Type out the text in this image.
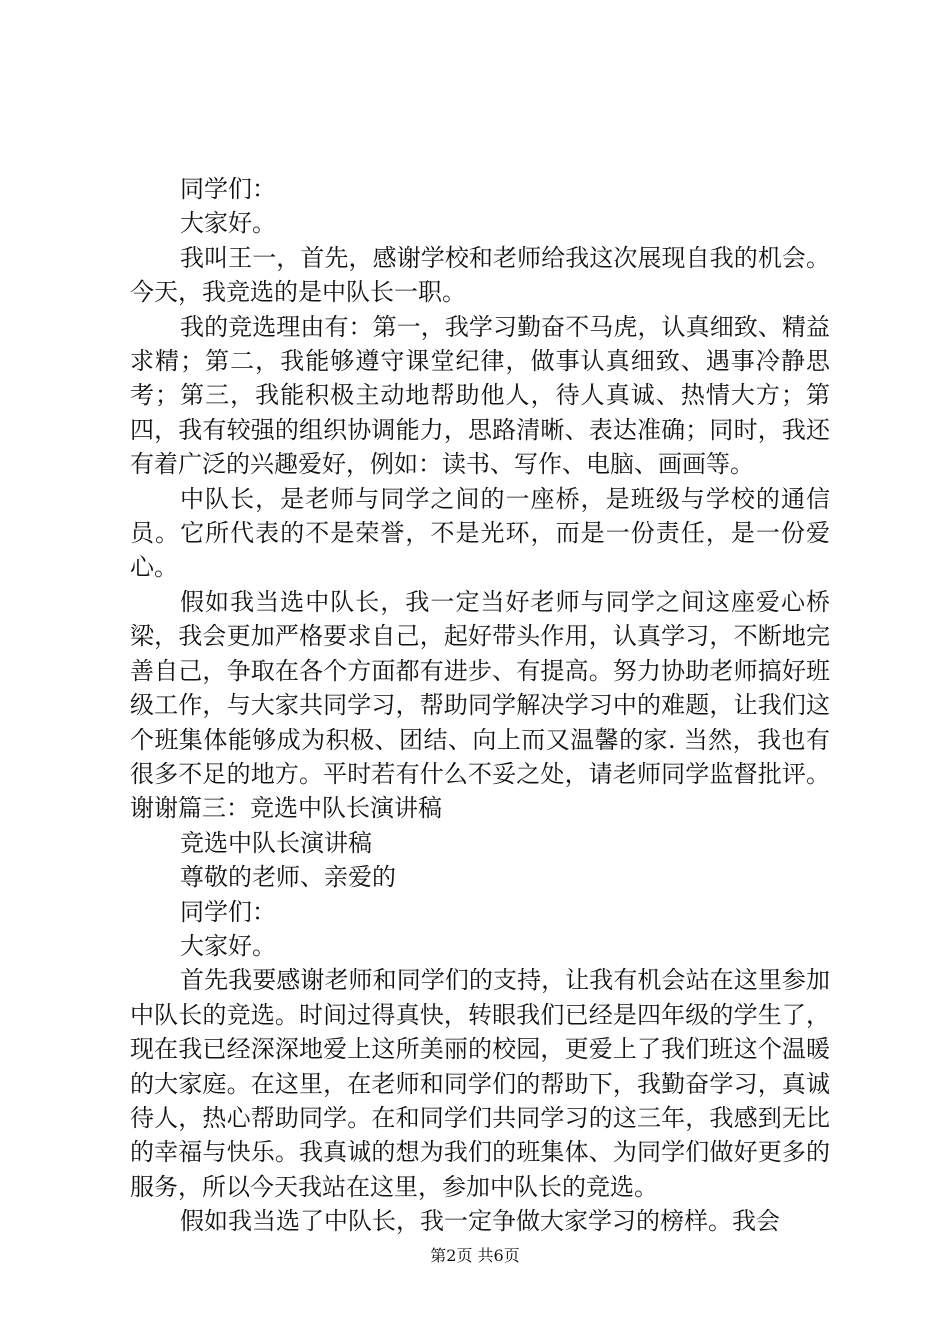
同学们：

大家好。

我叫王一，首先，感谢学校和老师给我这次展现自我的机会。今天，我竞选的是中队长一职。

我的竞选理由有：第一，我学习勤奋不马虎，认真细致、精益求精；第二，我能够遵守课堂纪律，做事认真细致、遇事冷静思考；第三，我能积极主动地帮助他人，待人真诚、热情大方；第四，我有较强的组织协调能力，思路清晰、表达准确；同时，我还有着广泛的兴趣爱好，例如：读书、写作、电脑、画画等。

中队长，是老师与同学之间的一座桥，是班级与学校的通信员。它所代表的不是荣誉，不是光环，而是一份责任，是一份爱心。

假如我当选中队长，我一定当好老师与同学之间这座爱心桥梁，我会更加严格要求自己，起好带头作用，认真学习，不断地完善自己，争取在各个方面都有进步、有提高。努力协助老师搞好班级工作，与大家共同学习，帮助同学解决学习中的难题，让我们这个班集体能够成为积极、团结、向上而又温馨的家. 当然，我也有很多不足的地方。平时若有什么不妥之处，请老师同学监督批评。谢谢篇三：竞选中队长演讲稿

竞选中队长演讲稿

尊敬的老师、亲爱的

同学们：

大家好。

首先我要感谢老师和同学们的支持，让我有机会站在这里参加中队长的竞选。时间过得真快，转眼我们已经是四年级的学生了，现在我已经深深地爱上这所美丽的校园，更爱上了我们班这个温暖的大家庭。在这里，在老师和同学们的帮助下，我勤奋学习，真诚待人，热心帮助同学。在和同学们共同学习的这三年，我感到无比的幸福与快乐。我真诚的想为我们的班集体、为同学们做好更多的服务，所以今天我站在这里，参加中队长的竞选。

假如我当选了中队长，我一定争做大家学习的榜样。我会

第2页 共6页
